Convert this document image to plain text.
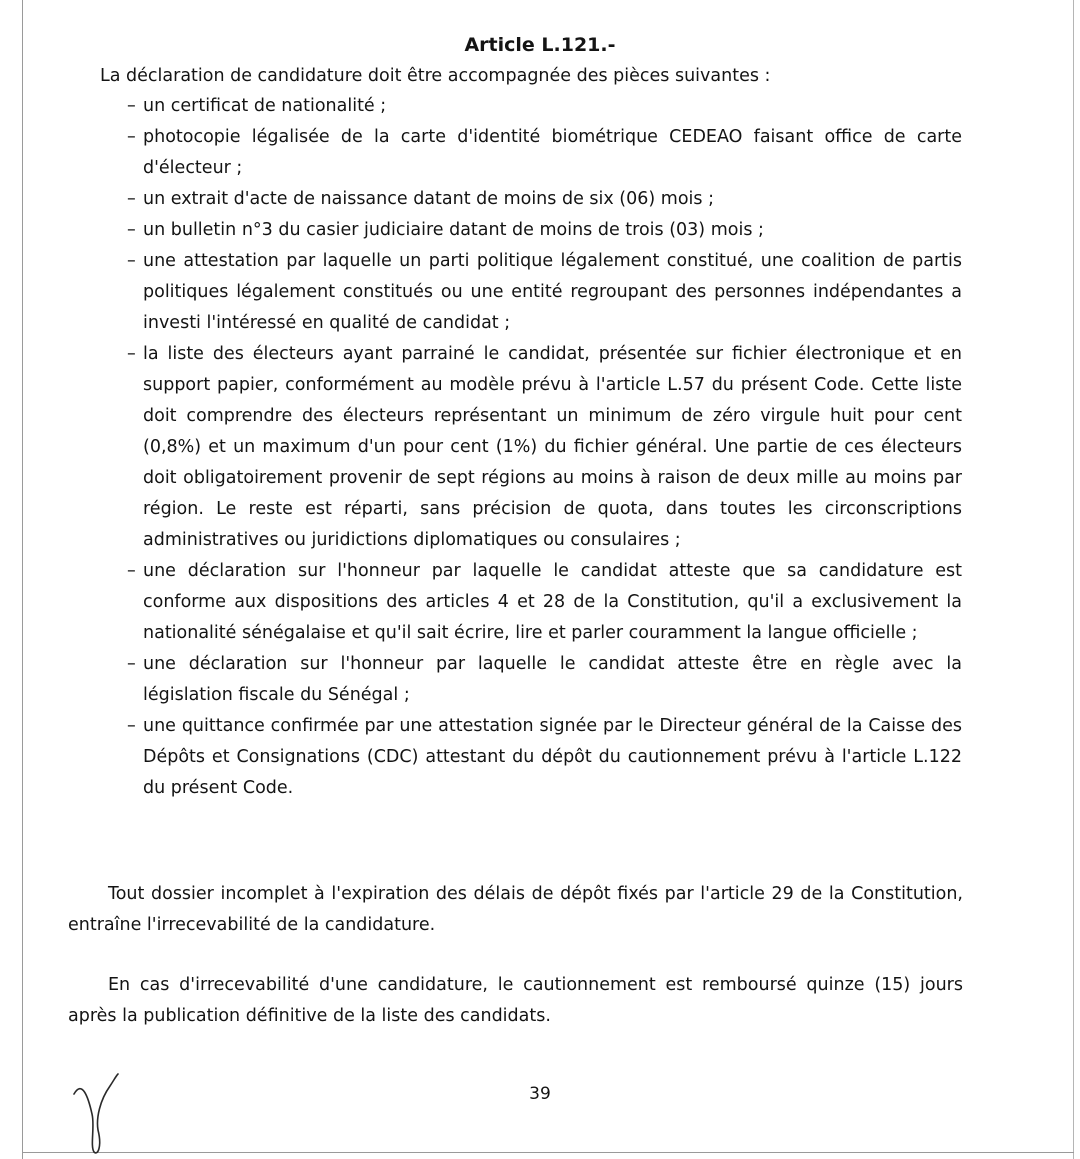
Article L.121.-
La déclaration de candidature doit être accompagnée des pièces suivantes :
– un certificat de nationalité ;
– photocopie légalisée de la carte d'identité biométrique CEDEAO faisant office de carte d'électeur ;
– un extrait d'acte de naissance datant de moins de six (06) mois ;
– un bulletin n°3 du casier judiciaire datant de moins de trois (03) mois ;
– une attestation par laquelle un parti politique légalement constitué, une coalition de partis politiques légalement constitués ou une entité regroupant des personnes indépendantes a investi l'intéressé en qualité de candidat ;
– la liste des électeurs ayant parrainé le candidat, présentée sur fichier électronique et en support papier, conformément au modèle prévu à l'article L.57 du présent Code. Cette liste doit comprendre des électeurs représentant un minimum de zéro virgule huit pour cent (0,8%) et un maximum d'un pour cent (1%) du fichier général. Une partie de ces électeurs doit obligatoirement provenir de sept régions au moins à raison de deux mille au moins par région. Le reste est réparti, sans précision de quota, dans toutes les circonscriptions administratives ou juridictions diplomatiques ou consulaires ;
– une déclaration sur l'honneur par laquelle le candidat atteste que sa candidature est conforme aux dispositions des articles 4 et 28 de la Constitution, qu'il a exclusivement la nationalité sénégalaise et qu'il sait écrire, lire et parler couramment la langue officielle ;
– une déclaration sur l'honneur par laquelle le candidat atteste être en règle avec la législation fiscale du Sénégal ;
– une quittance confirmée par une attestation signée par le Directeur général de la Caisse des Dépôts et Consignations (CDC) attestant du dépôt du cautionnement prévu à l'article L.122 du présent Code.
Tout dossier incomplet à l'expiration des délais de dépôt fixés par l'article 29 de la Constitution, entraîne l'irrecevabilité de la candidature.
En cas d'irrecevabilité d'une candidature, le cautionnement est remboursé quinze (15) jours après la publication définitive de la liste des candidats.
39
